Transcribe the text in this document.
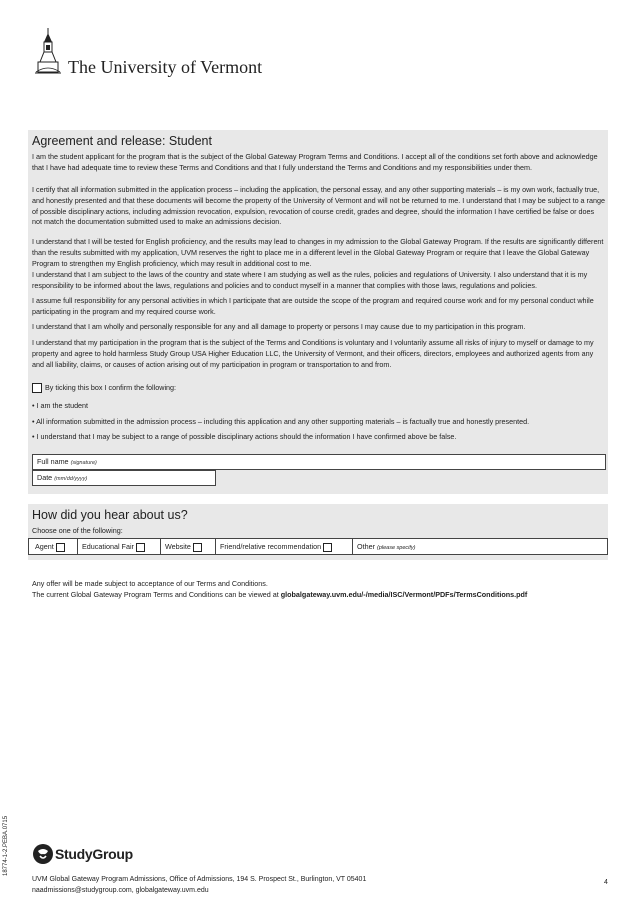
The University of Vermont
Agreement and release: Student

I am the student applicant for the program that is the subject of the Global Gateway Program Terms and Conditions. I accept all of the conditions set forth above and acknowledge that I have had adequate time to review these Terms and Conditions and that I fully understand the Terms and Conditions and my responsibilities under them.

I certify that all information submitted in the application process – including the application, the personal essay, and any other supporting materials – is my own work, factually true, and honestly presented and that these documents will become the property of the University of Vermont and will not be returned to me. I understand that I may be subject to a range of possible disciplinary actions, including admission revocation, expulsion, revocation of course credit, grades and degree, should the information I have certified be false or does not match the documentation submitted used to make an admissions decision.

I understand that I will be tested for English proficiency, and the results may lead to changes in my admission to the Global Gateway Program. If the results are significantly different than the results submitted with my application, UVM reserves the right to place me in a different level in the Global Gateway Program or require that I leave the Global Gateway Program to strengthen my English proficiency, which may result in additional cost to me.

I understand that I am subject to the laws of the country and state where I am studying as well as the rules, policies and regulations of University. I also understand that it is my responsibility to be informed about the laws, regulations and policies and to conduct myself in a manner that complies with those laws, regulations and policies.

I assume full responsibility for any personal activities in which I participate that are outside the scope of the program and required course work and for my personal conduct while participating in the program and my required course work.

I understand that I am wholly and personally responsible for any and all damage to property or persons I may cause due to my participation in this program.

I understand that my participation in the program that is the subject of the Terms and Conditions is voluntary and I voluntarily assume all risks of injury to myself or damage to my property and agree to hold harmless Study Group USA Higher Education LLC, the University of Vermont, and their officers, directors, employees and authorized agents from any and all liability, claims, or causes of action arising out of my participation in program or transportation to and from.

By ticking this box I confirm the following:
• I am the student
• All information submitted in the admission process – including this application and any other supporting materials – is factually true and honestly presented.
• I understand that I may be subject to a range of possible disciplinary actions should the information I have confirmed above be false.
Full name (signature)
Date (mm/dd/yyyy)
How did you hear about us?
Choose one of the following:
Agent	Educational Fair	Website	Friend/relative recommendation	Other (please specify)
Any offer will be made subject to acceptance of our Terms and Conditions.
The current Global Gateway Program Terms and Conditions can be viewed at globalgateway.uvm.edu/-/media/ISC/Vermont/PDFs/TermsConditions.pdf
18774-1-2.PEBA.0715	StudyGroup
UVM Global Gateway Program Admissions, Office of Admissions, 194 S. Prospect St., Burlington, VT 05401
naadmissions@studygroup.com, globalgateway.uvm.edu
4
